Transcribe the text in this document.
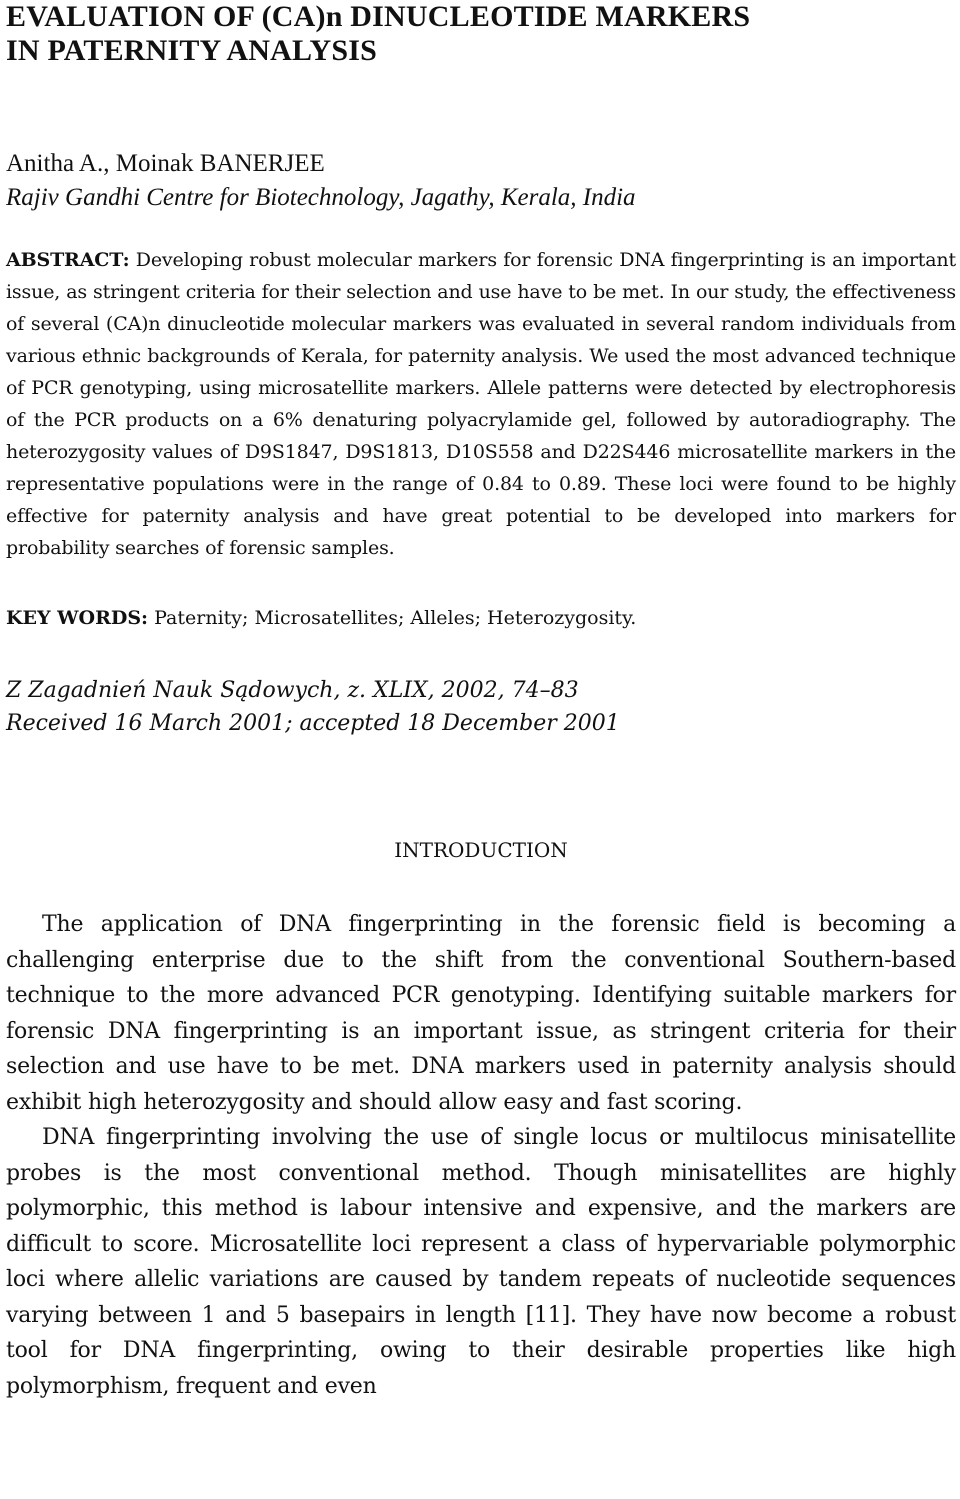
EVALUATION OF (CA)n DINUCLEOTIDE MARKERS
IN PATERNITY ANALYSIS
Anitha A., Moinak BANERJEE
Rajiv Gandhi Centre for Biotechnology, Jagathy, Kerala, India
ABSTRACT: Developing robust molecular markers for forensic DNA fingerprinting is an important issue, as stringent criteria for their selection and use have to be met. In our study, the effectiveness of several (CA)n dinucleotide molecular markers was evaluated in several random individuals from various ethnic backgrounds of Kerala, for paternity analysis. We used the most advanced technique of PCR genotyping, using microsatellite markers. Allele patterns were detected by electrophoresis of the PCR products on a 6% denaturing polyacrylamide gel, followed by autoradiography. The heterozygosity values of D9S1847, D9S1813, D10S558 and D22S446 microsatellite markers in the representative populations were in the range of 0.84 to 0.89. These loci were found to be highly effective for paternity analysis and have great potential to be developed into markers for probability searches of forensic samples.
KEY WORDS: Paternity; Microsatellites; Alleles; Heterozygosity.
Z Zagadnień Nauk Sądowych, z. XLIX, 2002, 74–83
Received 16 March 2001; accepted 18 December 2001
INTRODUCTION

The application of DNA fingerprinting in the forensic field is becoming a challenging enterprise due to the shift from the conventional Southern-based technique to the more advanced PCR genotyping. Identifying suitable markers for forensic DNA fingerprinting is an important issue, as stringent criteria for their selection and use have to be met. DNA markers used in paternity analysis should exhibit high heterozygosity and should allow easy and fast scoring.

DNA fingerprinting involving the use of single locus or multilocus minisatellite probes is the most conventional method. Though minisatellites are highly polymorphic, this method is labour intensive and expensive, and the markers are difficult to score. Microsatellite loci represent a class of hypervariable polymorphic loci where allelic variations are caused by tandem repeats of nucleotide sequences varying between 1 and 5 basepairs in length [11]. They have now become a robust tool for DNA fingerprinting, owing to their desirable properties like high polymorphism, frequent and even
